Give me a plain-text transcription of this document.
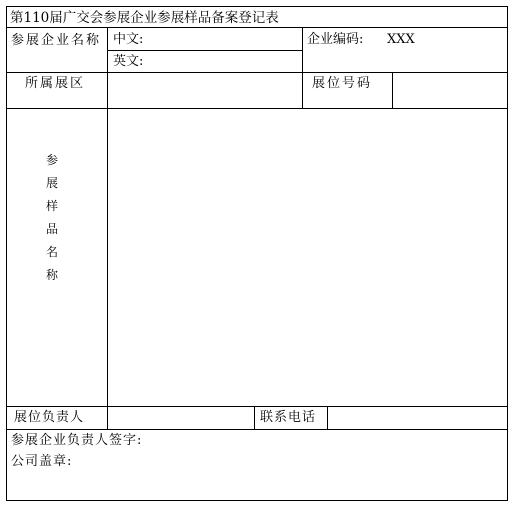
第110届广交会参展企业参展样品备案登记表
参展企业名称 中文:
英文:
企业编码: XXX
所属展区	展位号码
参
展
样
品
名
称
展位负责人	联系电话
参展企业负责人签字:
公司盖章:
